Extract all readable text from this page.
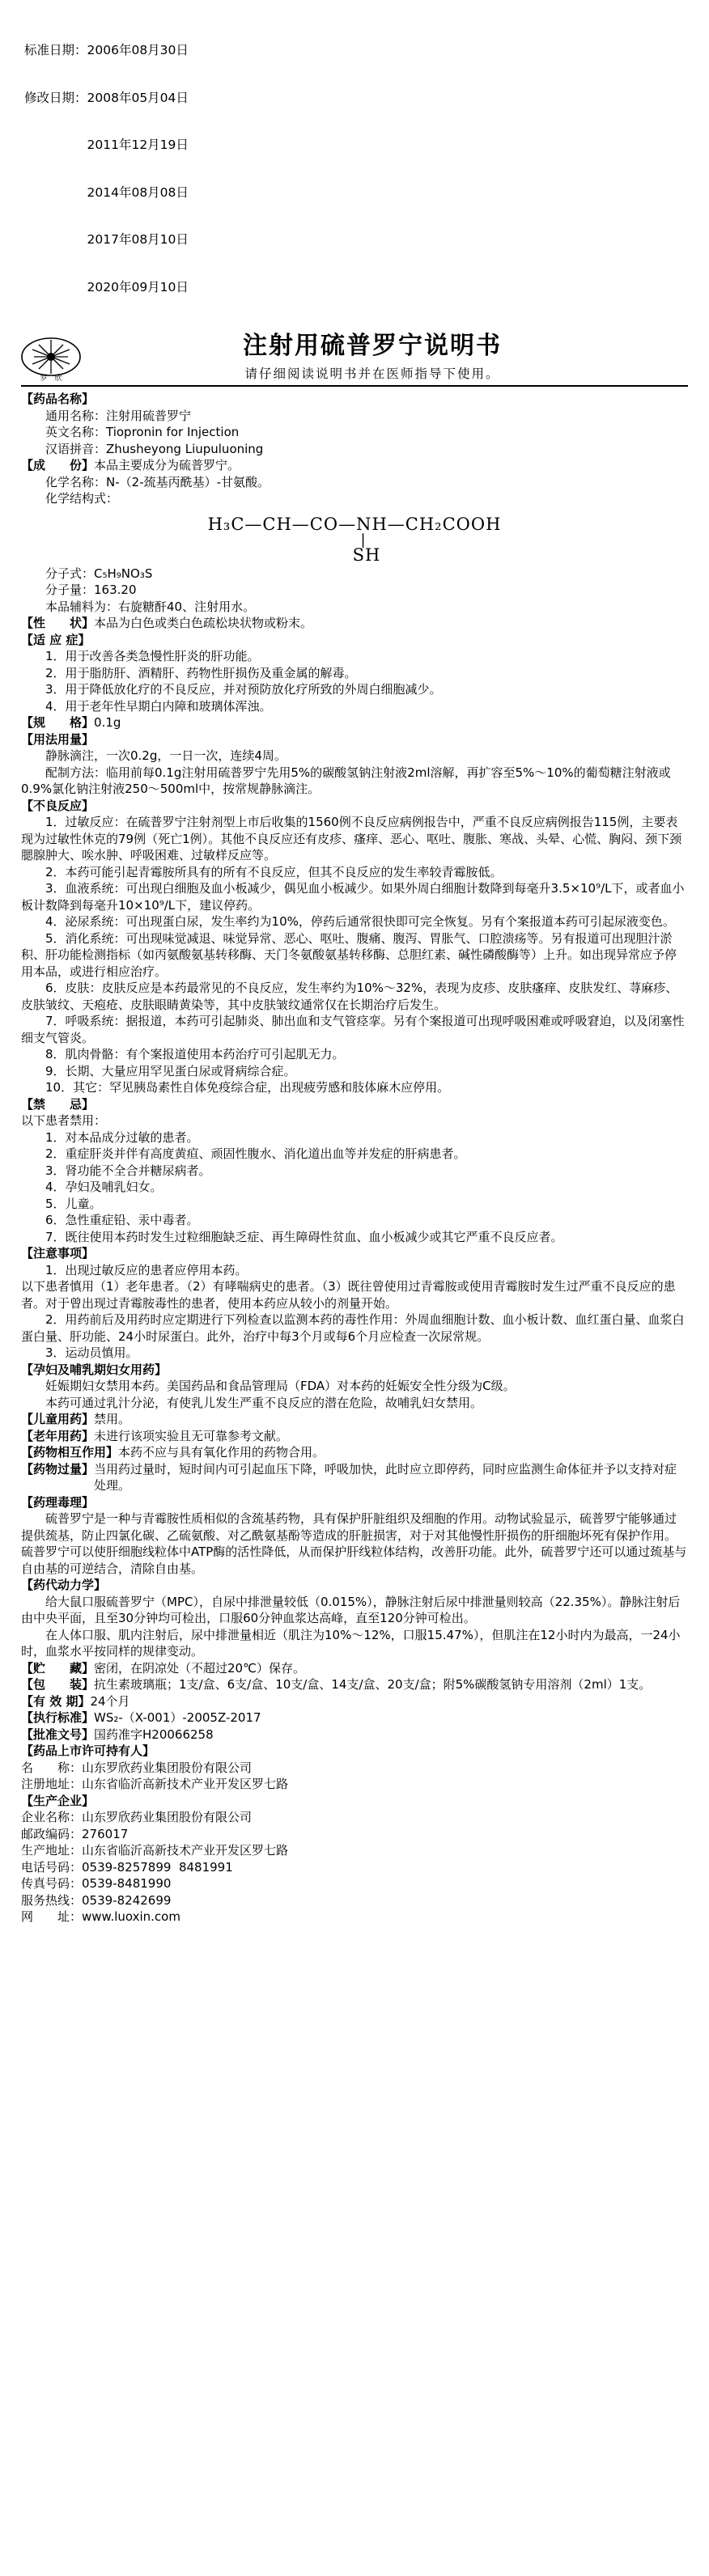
标准日期：2006年08月30日

修改日期：2008年05月04日

2011年12月19日

2014年08月08日

2017年08月10日

2020年09月10日

罗　欣
注射用硫普罗宁说明书
请仔细阅读说明书并在医师指导下使用。
【药品名称】

通用名称：注射用硫普罗宁

英文名称：Tiopronin for Injection

汉语拼音：Zhusheyong Liupuluoning

【成　　份】 本品主要成分为硫普罗宁。

化学名称：N-（2-巯基丙酰基）-甘氨酸。

化学结构式：

H₃C—CH—CO—NH—CH₂COOH
|
SH

分子式：C₅H₉NO₃S

分子量：163.20

本品辅料为：右旋糖酐40、注射用水。

【性　　状】 本品为白色或类白色疏松块状物或粉末。
【适 应 症】

1．用于改善各类急慢性肝炎的肝功能。

2．用于脂肪肝、酒精肝、药物性肝损伤及重金属的解毒。

3．用于降低放化疗的不良反应，并对预防放化疗所致的外周白细胞减少。

4．用于老年性早期白内障和玻璃体浑浊。

【规　　格】 0.1g
【用法用量】

静脉滴注，一次0.2g，一日一次，连续4周。

配制方法：临用前每0.1g注射用硫普罗宁先用5%的碳酸氢钠注射液2ml溶解，再扩容至5%～10%的葡萄糖注射液或0.9%氯化钠注射液250～500ml中，按常规静脉滴注。

【不良反应】

1．过敏反应：在硫普罗宁注射剂型上市后收集的1560例不良反应病例报告中，严重不良反应病例报告115例，主要表现为过敏性休克的79例（死亡1例）。其他不良反应还有皮疹、瘙痒、恶心、呕吐、腹胀、寒战、头晕、心慌、胸闷、颈下颈腮腺肿大、唉水肿、呼吸困难、过敏样反应等。

2．本药可能引起青霉胺所具有的所有不良反应，但其不良反应的发生率较青霉胺低。

3．血液系统：可出现白细胞及血小板减少，偶见血小板减少。如果外周白细胞计数降到每毫升3.5×10⁹/L下，或者血小板计数降到每毫升10×10⁹/L下，建议停药。

4．泌尿系统：可出现蛋白尿，发生率约为10%，停药后通常很快即可完全恢复。另有个案报道本药可引起尿液变色。

5．消化系统：可出现味觉减退、味觉异常、恶心、呕吐、腹痛、腹泻、胃胀气、口腔溃疡等。另有报道可出现胆汁淤积、肝功能检测指标（如丙氨酸氨基转移酶、天门冬氨酸氨基转移酶、总胆红素、碱性磷酸酶等）上升。如出现异常应予停用本品，或进行相应治疗。

6．皮肤：皮肤反应是本药最常见的不良反应，发生率约为10%～32%，表现为皮疹、皮肤瘙痒、皮肤发红、荨麻疹、皮肤皱纹、天疱疮、皮肤眼睛黄染等，其中皮肤皱纹通常仅在长期治疗后发生。

7．呼吸系统：据报道，本药可引起肺炎、肺出血和支气管痉挛。另有个案报道可出现呼吸困难或呼吸窘迫，以及闭塞性细支气管炎。

8．肌肉骨骼：有个案报道使用本药治疗可引起肌无力。

9．长期、大量应用罕见蛋白尿或肾病综合症。

10．其它：罕见胰岛素性自体免疫综合症，出现疲劳感和肢体麻木应停用。

【禁　　忌】

以下患者禁用：

1．对本品成分过敏的患者。

2．重症肝炎并伴有高度黄疸、顽固性腹水、消化道出血等并发症的肝病患者。

3．肾功能不全合并糖尿病者。

4．孕妇及哺乳妇女。

5．儿童。

6．急性重症铅、汞中毒者。

7．既往使用本药时发生过粒细胞缺乏症、再生障碍性贫血、血小板减少或其它严重不良反应者。

【注意事项】

1．出现过敏反应的患者应停用本药。

以下患者慎用（1）老年患者。（2）有哮喘病史的患者。（3）既往曾使用过青霉胺或使用青霉胺时发生过严重不良反应的患者。对于曾出现过青霉胺毒性的患者，使用本药应从较小的剂量开始。

2．用药前后及用药时应定期进行下列检查以监测本药的毒性作用：外周血细胞计数、血小板计数、血红蛋白量、血浆白蛋白量、肝功能、24小时尿蛋白。此外，治疗中每3个月或每6个月应检查一次尿常规。

3．运动员慎用。

【孕妇及哺乳期妇女用药】

妊娠期妇女禁用本药。美国药品和食品管理局（FDA）对本药的妊娠安全性分级为C级。

本药可通过乳汁分泌，有使乳儿发生严重不良反应的潜在危险，故哺乳妇女禁用。

【儿童用药】 禁用。
【老年用药】 未进行该项实验且无可靠参考文献。
【药物相互作用】 本药不应与具有氧化作用的药物合用。
【药物过量】 当用药过量时，短时间内可引起血压下降，呼吸加快，此时应立即停药，同时应监测生命体征并予以支持对症处理。
【药理毒理】

硫普罗宁是一种与青霉胺性质相似的含巯基药物，具有保护肝脏组织及细胞的作用。动物试验显示，硫普罗宁能够通过提供巯基，防止四氯化碳、乙硫氨酸、对乙酰氨基酚等造成的肝脏损害，对于对其他慢性肝损伤的肝细胞坏死有保护作用。硫普罗宁可以使肝细胞线粒体中ATP酶的活性降低，从而保护肝线粒体结构，改善肝功能。此外，硫普罗宁还可以通过巯基与自由基的可逆结合，清除自由基。

【药代动力学】

给大鼠口服硫普罗宁（MPC），自尿中排泄量较低（0.015%），静脉注射后尿中排泄量则较高（22.35%）。静脉注射后由中央平面，且至30分钟均可检出，口服60分钟血浆达高峰，直至120分钟可检出。

在人体口服、肌内注射后，尿中排泄量相近（肌注为10%～12%，口服15.47%），但肌注在12小时内为最高，一24小时，血浆水平按同样的规律变动。

【贮　　藏】 密闭，在阴凉处（不超过20℃）保存。
【包　　装】 抗生素玻璃瓶；1支/盒、6支/盒、10支/盒、14支/盒、20支/盒；附5%碳酸氢钠专用溶剂（2ml）1支。
【有 效 期】 24个月
【执行标准】 WS₂-（X-001）-2005Z-2017
【批准文号】 国药准字H20066258
【药品上市许可持有人】

名　　称：山东罗欣药业集团股份有限公司

注册地址：山东省临沂高新技术产业开发区罗七路

【生产企业】

企业名称：山东罗欣药业集团股份有限公司

邮政编码：276017

生产地址：山东省临沂高新技术产业开发区罗七路

电话号码：0539-8257899  8481991

传真号码：0539-8481990

服务热线：0539-8242699

网　　址：www.luoxin.com
